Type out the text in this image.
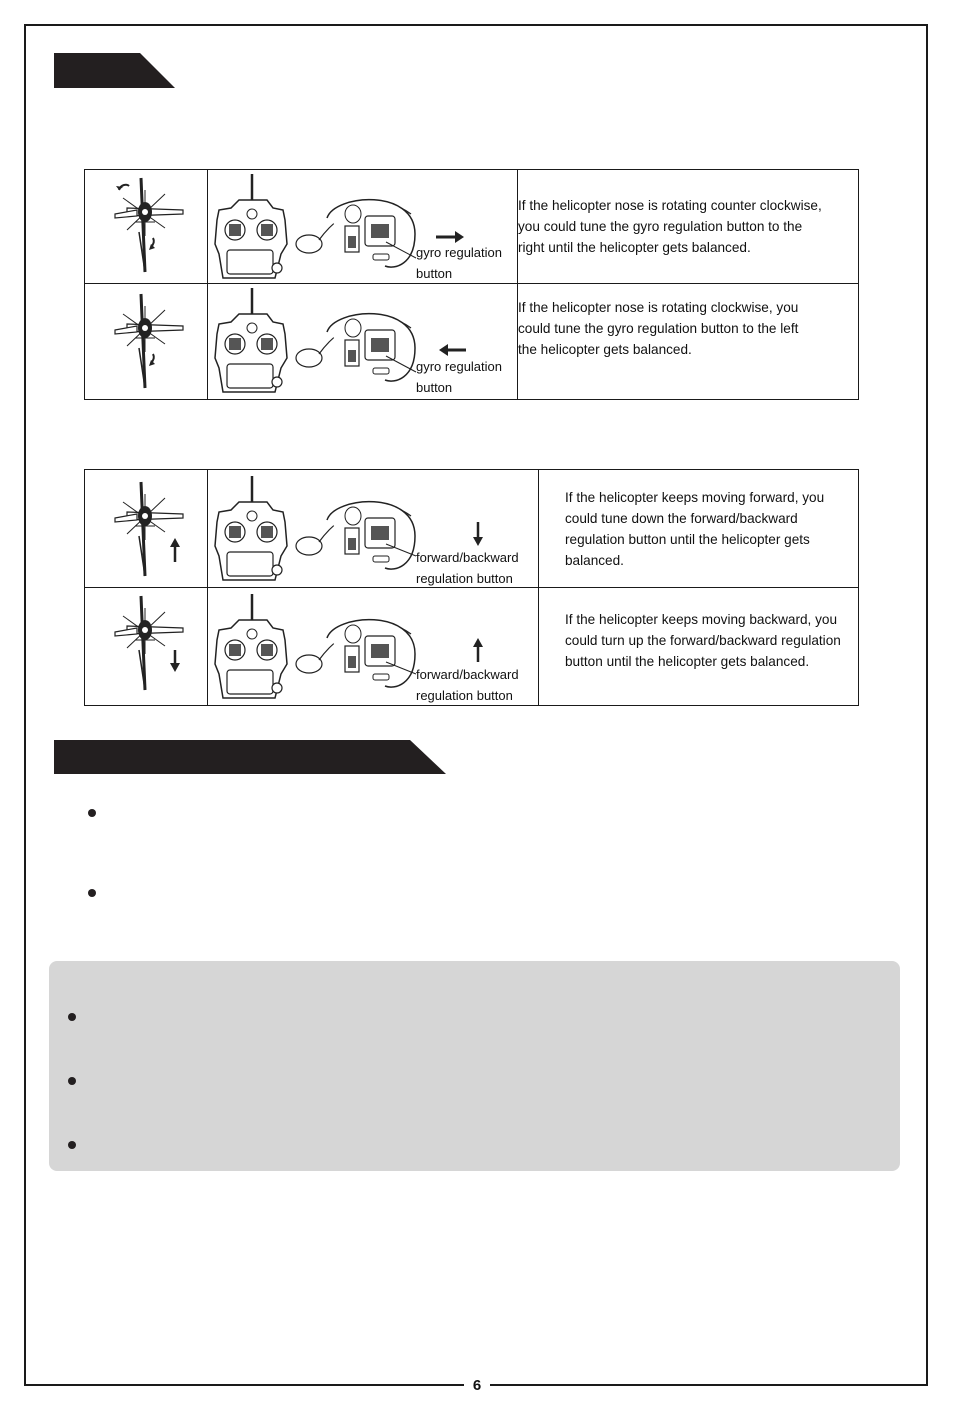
gyro regulation
button	If the helicopter nose is rotating counter clockwise, you could tune the gyro regulation button to the right until the helicopter gets balanced.

gyro regulation
button	If the helicopter nose is rotating clockwise, you could tune the gyro regulation button to the left the helicopter gets balanced.

forward/backward
regulation button	If the helicopter keeps moving forward, you could tune down the forward/backward regulation button until the helicopter gets balanced.

forward/backward
regulation button	If the helicopter keeps moving backward, you could turn up the forward/backward regulation button until the helicopter gets balanced.

6
